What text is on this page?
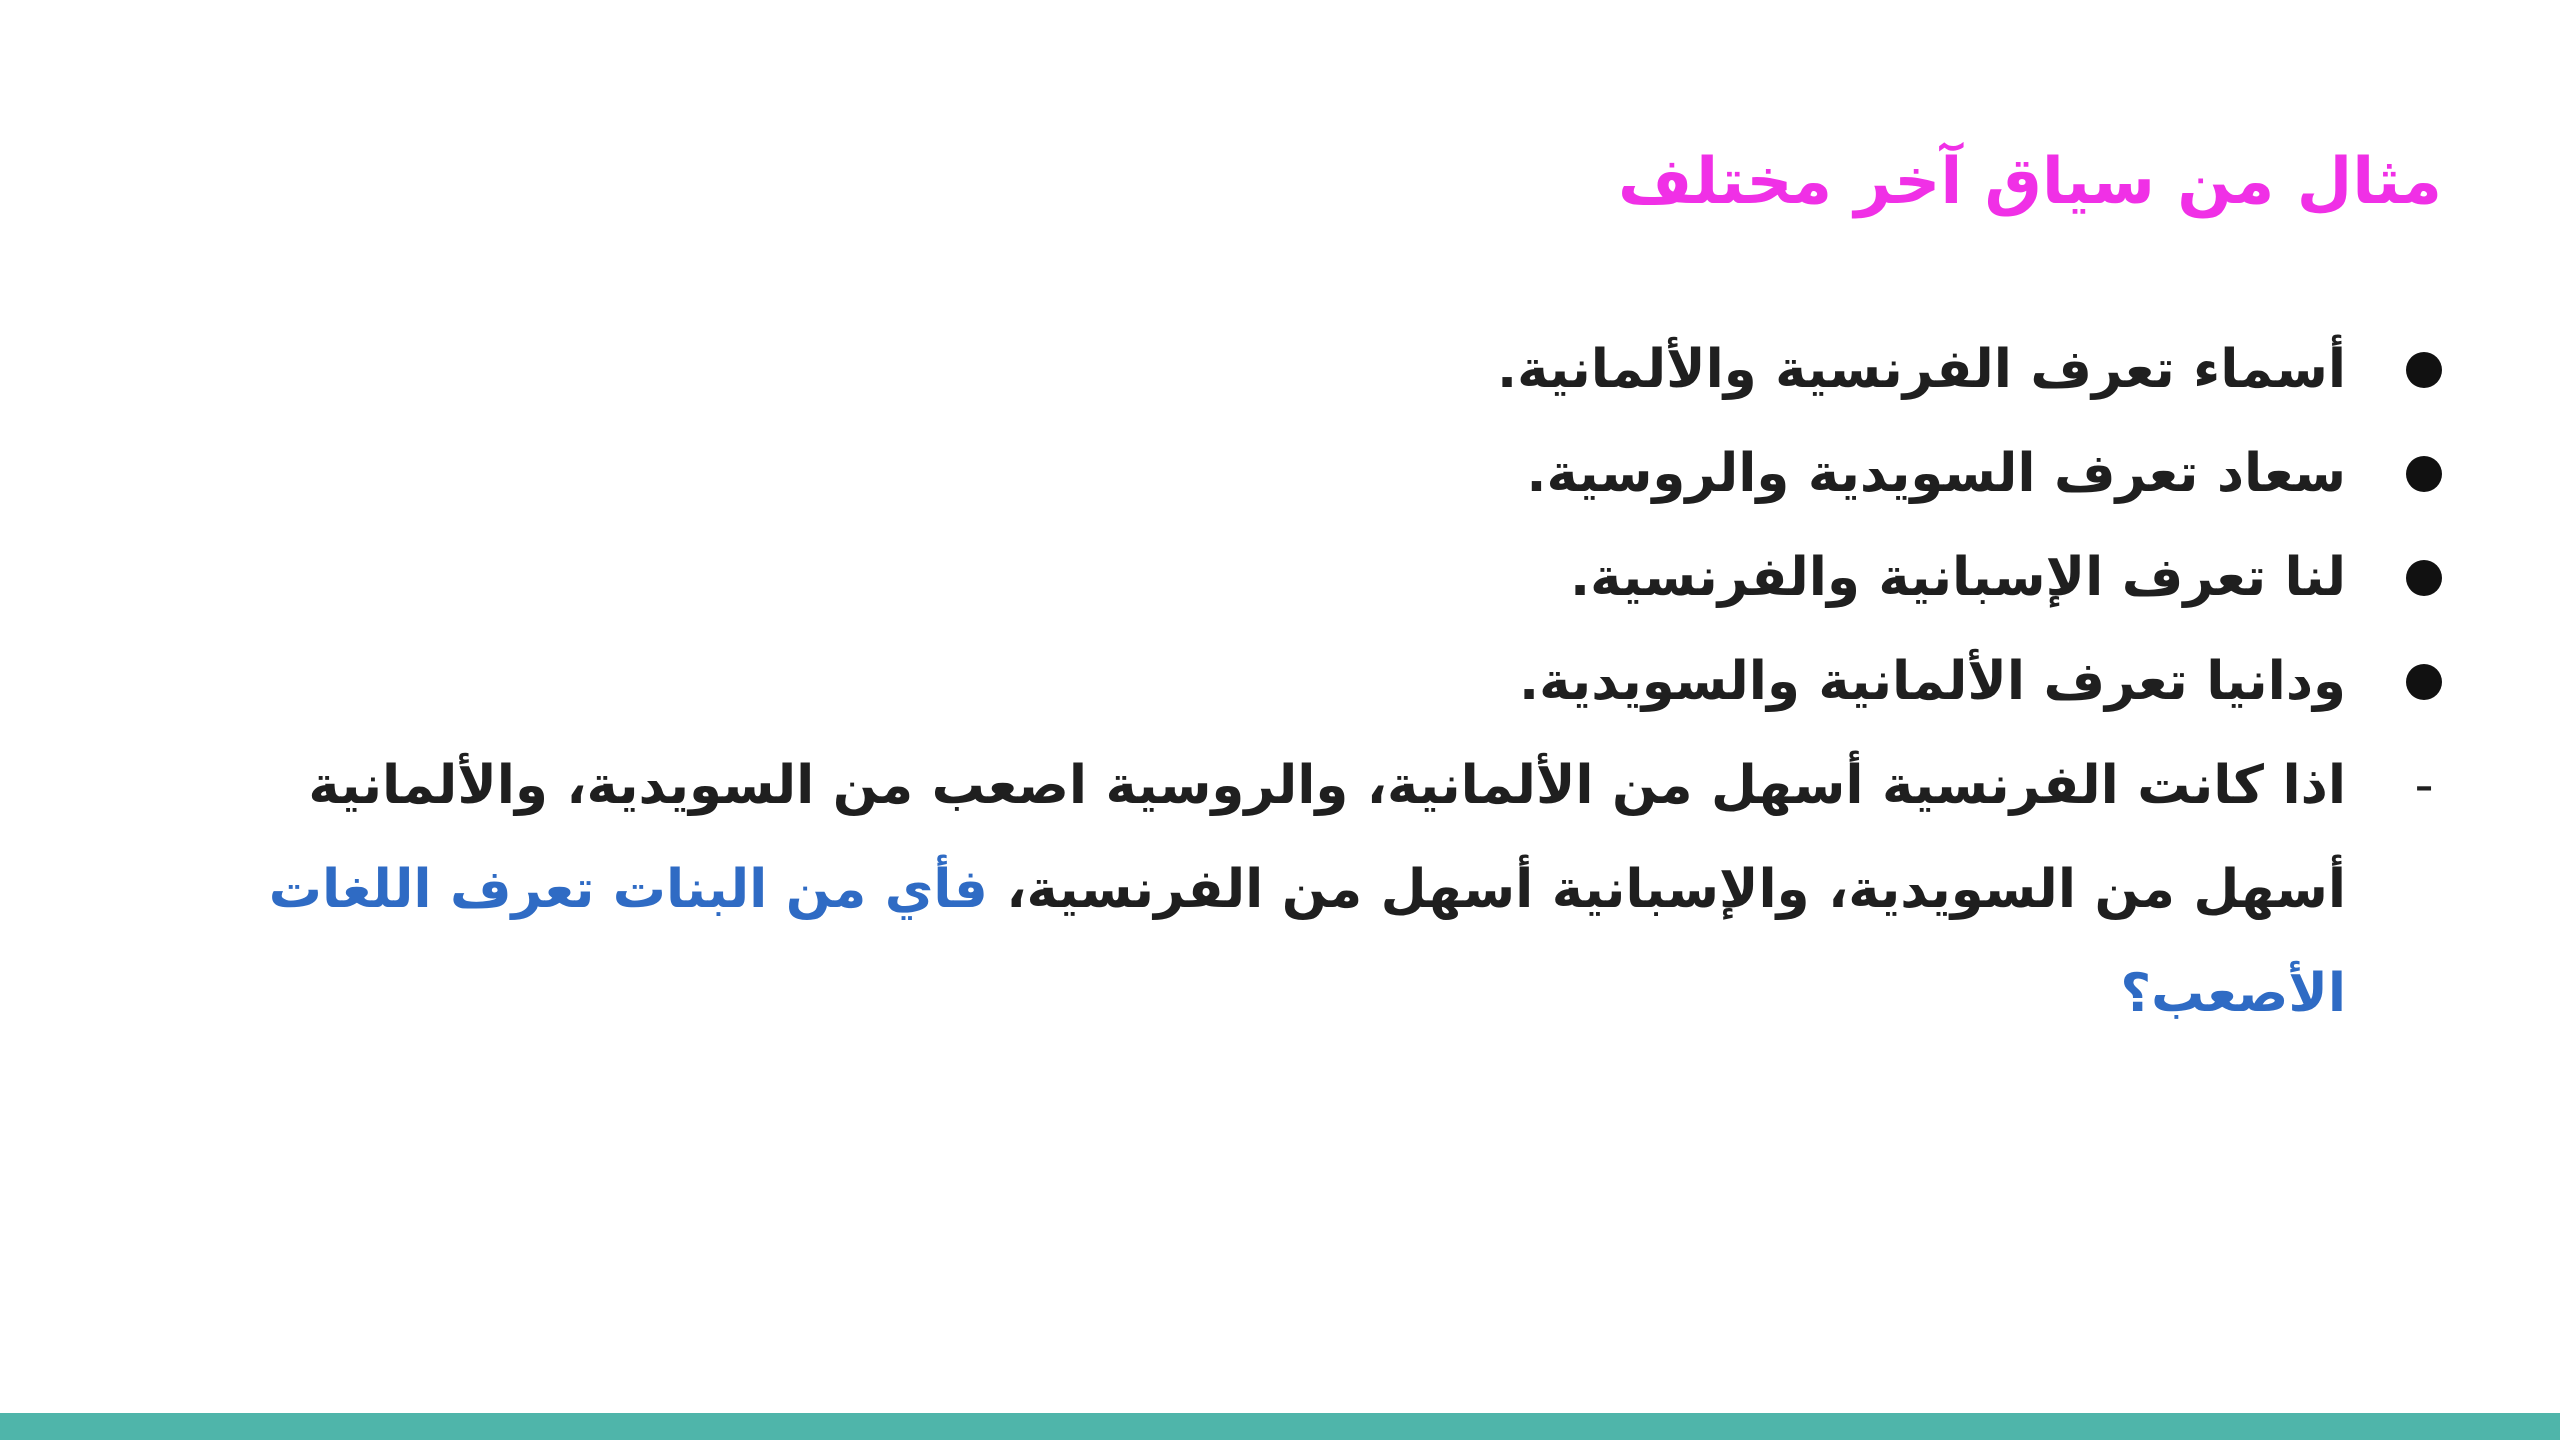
مثال من سياق آخر مختلف
أسماء تعرف الفرنسية والألمانية.
سعاد تعرف السويدية والروسية.
لنا تعرف الإسبانية والفرنسية.
ودانيا تعرف الألمانية والسويدية.
-
اذا كانت الفرنسية أسهل من الألمانية، والروسية اصعب من السويدية، والألمانية أسهل من السويدية، والإسبانية أسهل من الفرنسية، فأي من البنات تعرف اللغات الأصعب؟
